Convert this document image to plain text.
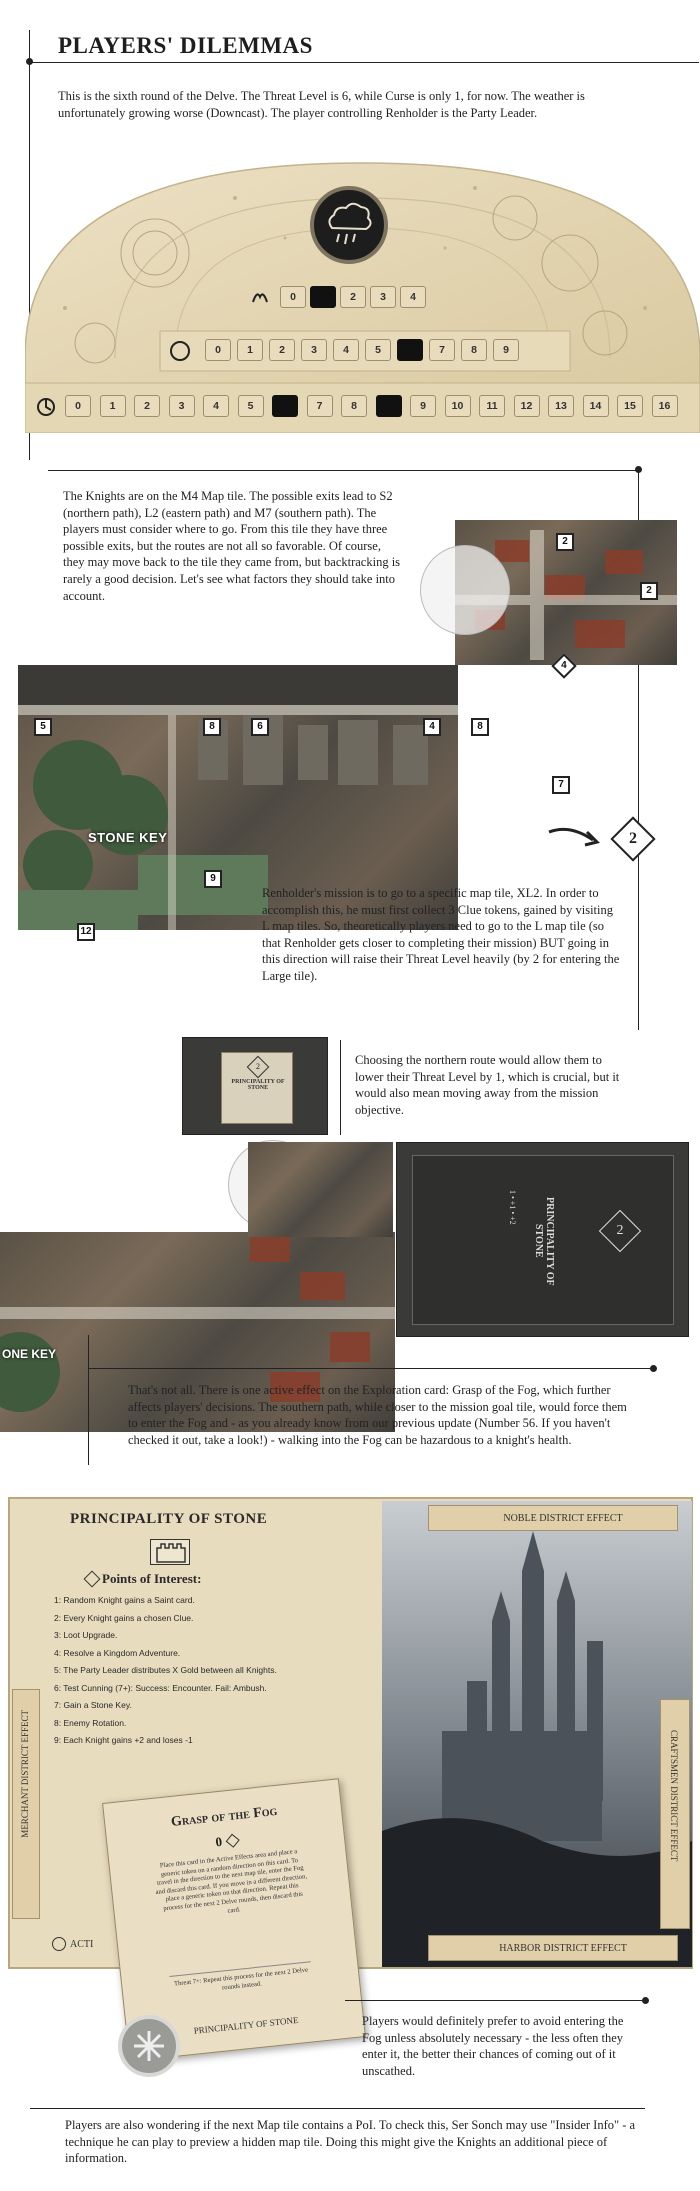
PLAYERS' DILEMMAS

This is the sixth round of the Delve. The Threat Level is 6, while Curse is only 1, for now. The weather is unfortunately growing worse (Downcast). The player controlling Renholder is the Party Leader.

0	2	3	4
0	1	2	3	4	5	7	8	9
0	1	2	3	4	5	7	8	9	10	11	12	13	14	15	16

The Knights are on the M4 Map tile. The possible exits lead to S2 (northern path), L2 (eastern path) and M7 (southern path). The players must consider where to go. From this tile they have three possible exits, but the routes are not all so favorable. Of course, they may move back to the tile they came from, but backtracking is rarely a good decision. Let's see what factors they should take into account.

STONE KEY
2
2
4
5	8	6	4	8
7
9
12
2

Renholder's mission is to go to a specific map tile, XL2. In order to accomplish this, he must first collect 3 Clue tokens, gained by visiting L map tiles. So, theoretically players need to go to the L map tile (so that Renholder gets closer to completing their mission) BUT going in this direction will raise their Threat Level heavily (by 2 for entering the Large tile).

PRINCIPALITY OF STONE
2	Choosing the northern route would allow them to lower their Threat Level by 1, which is crucial, but it would also mean moving away from the mission objective.

ONE KEY
1 • +1 • +2	PRINCIPALITY OF STONE	2

That's not all. There is one active effect on the Exploration card: Grasp of the Fog, which further affects players' decisions. The southern path, while closer to the mission goal tile, would force them to enter the Fog and - as you already know from our previous update (Number 56. If you haven't checked it out, take a look!) - walking into the Fog can be hazardous to a knight's health.

NOBLE DISTRICT EFFECT
HARBOR DISTRICT EFFECT
CRAFTSMEN DISTRICT EFFECT
MERCHANT DISTRICT EFFECT
PRINCIPALITY OF STONE
Points of Interest:
1: Random Knight gains a Saint card.
2: Every Knight gains a chosen Clue.
3: Loot Upgrade.
4: Resolve a Kingdom Adventure.
5: The Party Leader distributes X Gold between all Knights.
6: Test Cunning (7+): Success: Encounter. Fail: Ambush.
7: Gain a Stone Key.
8: Enemy Rotation.
9: Each Knight gains +2 and loses -1
ACTI
Grasp of the Fog
0
Place this card in the Active Effects area and place a generic token on a random direction on this card. To travel in the direction to the next map tile, enter the Fog and discard this card. If you move in a different direction, place a generic token on that direction. Repeat this process for the next 2 Delve rounds, then discard this card.
Threat 7+: Repeat this process for the next 2 Delve rounds instead.
PRINCIPALITY OF STONE	Players would definitely prefer to avoid entering the Fog unless absolutely necessary - the less often they enter it, the better their chances of coming out of it unscathed.

Players are also wondering if the next Map tile contains a PoI. To check this, Ser Sonch may use "Insider Info" - a technique he can play to preview a hidden map tile. Doing this might give the Knights an additional piece of information.
